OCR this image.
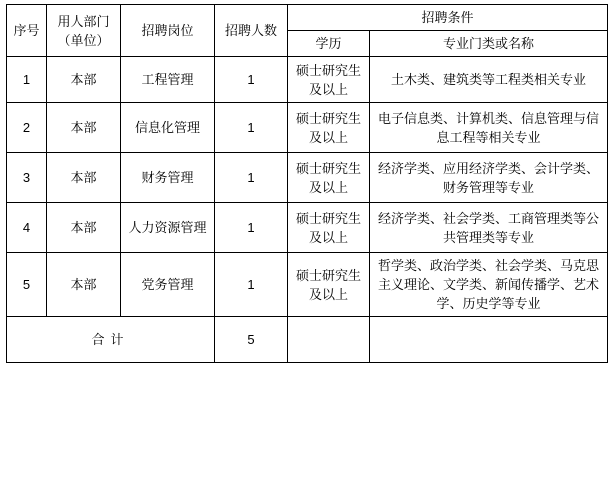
序号	用人部门（单位）	招聘岗位	招聘人数	招聘条件	
				学历	专业门类或名称
1	本部	工程管理	1	硕士研究生及以上	土木类、建筑类等工程类相关专业
2	本部	信息化管理	1	硕士研究生及以上	电子信息类、计算机类、信息管理与信息工程等相关专业
3	本部	财务管理	1	硕士研究生及以上	经济学类、应用经济学类、会计学类、财务管理等专业
4	本部	人力资源管理	1	硕士研究生及以上	经济学类、社会学类、工商管理类等公共管理类等专业
5	本部	党务管理	1	硕士研究生及以上	哲学类、政治学类、社会学类、马克思主义理论、文学类、新闻传播学、艺术学、历史学等专业
合计			5		
